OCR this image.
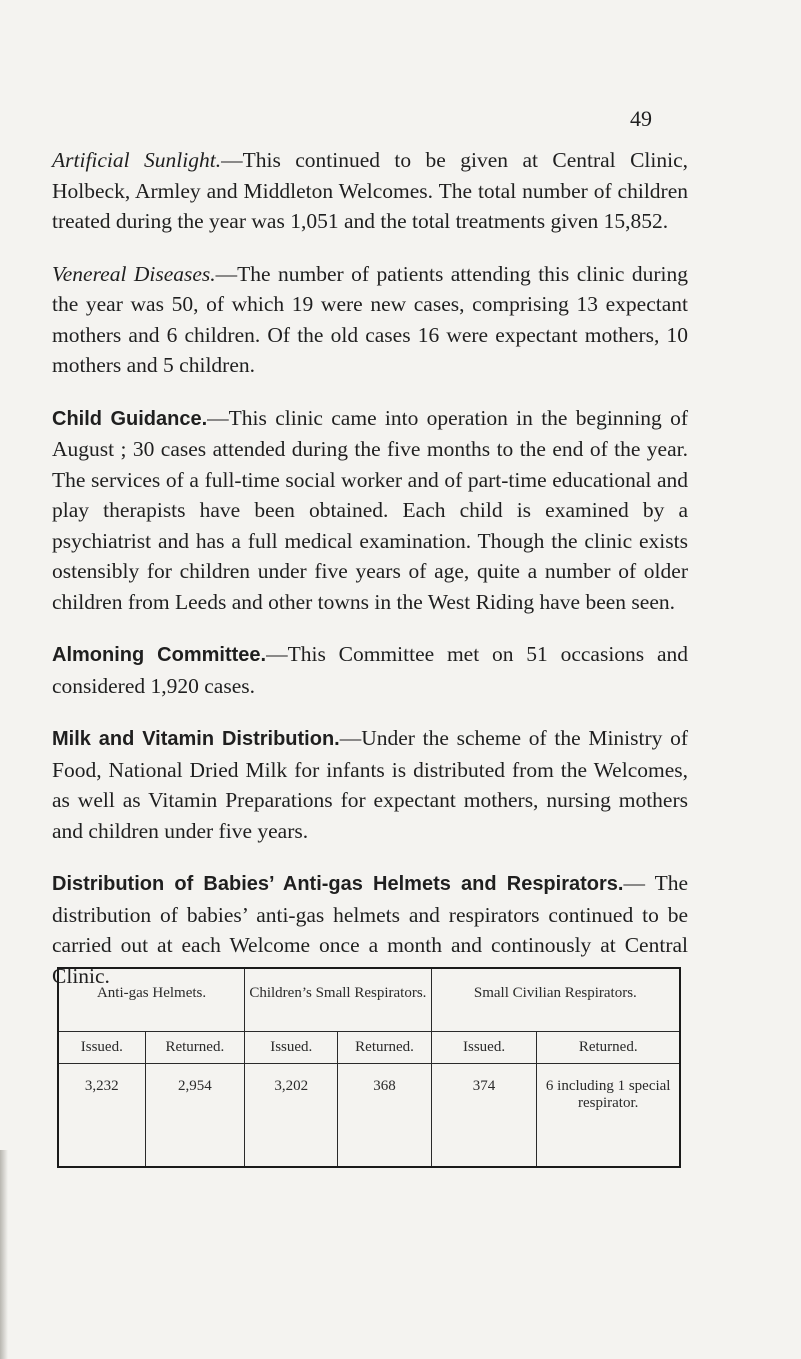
49

Artificial Sunlight.—This continued to be given at Central Clinic, Holbeck, Armley and Middleton Welcomes. The total number of children treated during the year was 1,051 and the total treatments given 15,852.

Venereal Diseases.—The number of patients attending this clinic during the year was 50, of which 19 were new cases, comprising 13 expectant mothers and 6 children. Of the old cases 16 were expectant mothers, 10 mothers and 5 children.

Child Guidance.—This clinic came into operation in the beginning of August ; 30 cases attended during the five months to the end of the year. The services of a full-time social worker and of part-time educational and play therapists have been obtained. Each child is examined by a psychiatrist and has a full medical examination. Though the clinic exists ostensibly for children under five years of age, quite a number of older children from Leeds and other towns in the West Riding have been seen.

Almoning Committee.—This Committee met on 51 occasions and considered 1,920 cases.

Milk and Vitamin Distribution.—Under the scheme of the Ministry of Food, National Dried Milk for infants is distributed from the Welcomes, as well as Vitamin Preparations for expectant mothers, nursing mothers and children under five years.

Distribution of Babies’ Anti-gas Helmets and Respirators.— The distribution of babies’ anti-gas helmets and respirators continued to be carried out at each Welcome once a month and continously at Central Clinic.

Anti-gas Helmets.		Children’s Small Respirators.		Small Civilian Respirators.	
Issued.	Returned.	Issued.	Returned.	Issued.	Returned.
3,232	2,954	3,202	368	374	6 including 1 special respirator.
